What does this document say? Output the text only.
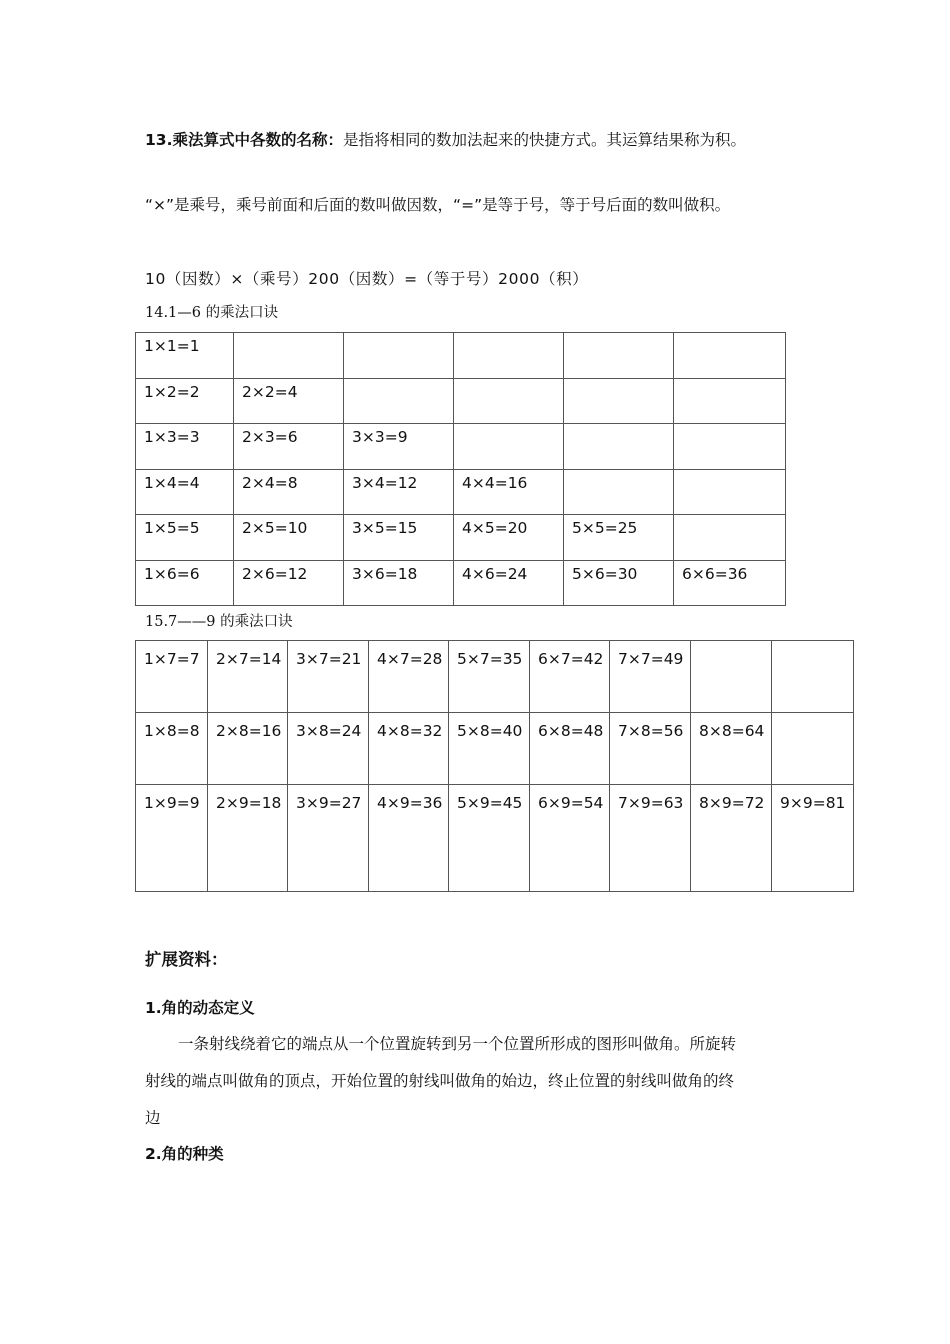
13.乘法算式中各数的名称：是指将相同的数加法起来的快捷方式。其运算结果称为积。
“×”是乘号，乘号前面和后面的数叫做因数，“=”是等于号，等于号后面的数叫做积。
10（因数）×（乘号）200（因数）=（等于号）2000（积）
14.1—6 的乘法口诀
1×1=1					
1×2=2	2×2=4				
1×3=3	2×3=6	3×3=9			
1×4=4	2×4=8	3×4=12	4×4=16		
1×5=5	2×5=10	3×5=15	4×5=20	5×5=25	
1×6=6	2×6=12	3×6=18	4×6=24	5×6=30	6×6=36
15.7——9 的乘法口诀
1×7=7	2×7=14	3×7=21	4×7=28	5×7=35	6×7=42	7×7=49		
1×8=8	2×8=16	3×8=24	4×8=32	5×8=40	6×8=48	7×8=56	8×8=64	
1×9=9	2×9=18	3×9=27	4×9=36	5×9=45	6×9=54	7×9=63	8×9=72	9×9=81
扩展资料：
1.角的动态定义
一条射线绕着它的端点从一个位置旋转到另一个位置所形成的图形叫做角。所旋转
射线的端点叫做角的顶点，开始位置的射线叫做角的始边，终止位置的射线叫做角的终
边
2.角的种类
